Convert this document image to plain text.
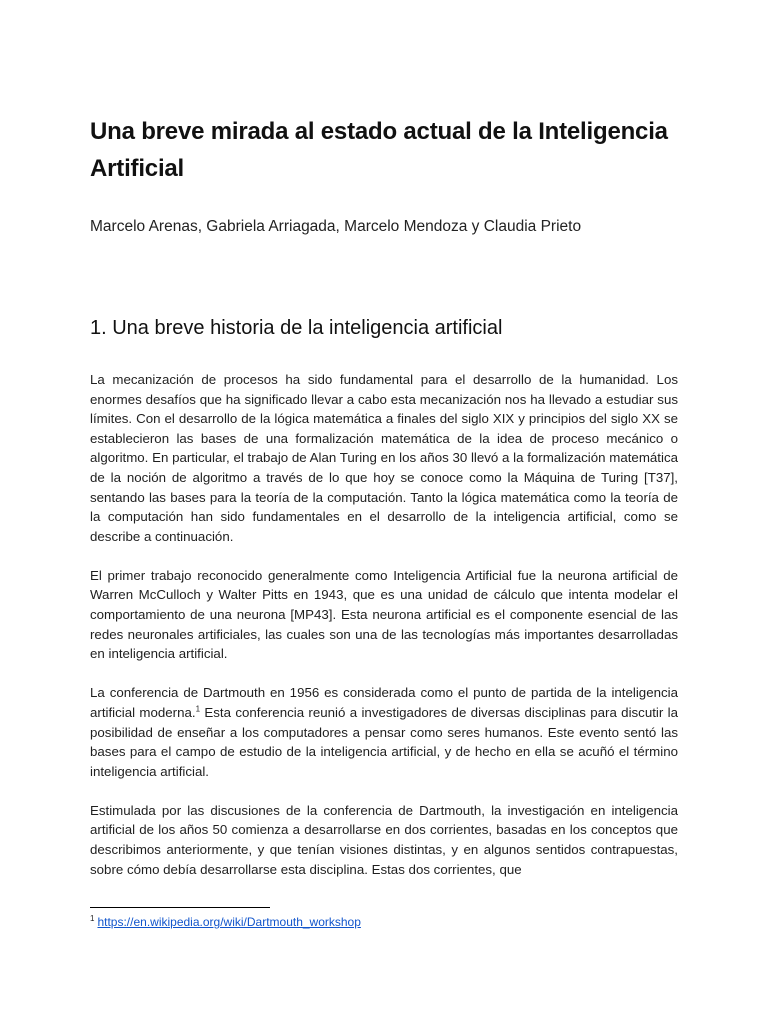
Una breve mirada al estado actual de la Inteligencia Artificial

Marcelo Arenas, Gabriela Arriagada, Marcelo Mendoza y Claudia Prieto

1. Una breve historia de la inteligencia artificial

La mecanización de procesos ha sido fundamental para el desarrollo de la humanidad. Los enormes desafíos que ha significado llevar a cabo esta mecanización nos ha llevado a estudiar sus límites. Con el desarrollo de la lógica matemática a finales del siglo XIX y principios del siglo XX se establecieron las bases de una formalización matemática de la idea de proceso mecánico o algoritmo. En particular, el trabajo de Alan Turing en los años 30 llevó a la formalización matemática de la noción de algoritmo a través de lo que hoy se conoce como la Máquina de Turing [T37], sentando las bases para la teoría de la computación. Tanto la lógica matemática como la teoría de la computación han sido fundamentales en el desarrollo de la inteligencia artificial, como se describe a continuación.

El primer trabajo reconocido generalmente como Inteligencia Artificial fue la neurona artificial de Warren McCulloch y Walter Pitts en 1943, que es una unidad de cálculo que intenta modelar el comportamiento de una neurona [MP43]. Esta neurona artificial es el componente esencial de las redes neuronales artificiales, las cuales son una de las tecnologías más importantes desarrolladas en inteligencia artificial.

La conferencia de Dartmouth en 1956 es considerada como el punto de partida de la inteligencia artificial moderna.$^1$ Esta conferencia reunió a investigadores de diversas disciplinas para discutir la posibilidad de enseñar a los computadores a pensar como seres humanos. Este evento sentó las bases para el campo de estudio de la inteligencia artificial, y de hecho en ella se acuñó el término inteligencia artificial.

Estimulada por las discusiones de la conferencia de Dartmouth, la investigación en inteligencia artificial de los años 50 comienza a desarrollarse en dos corrientes, basadas en los conceptos que describimos anteriormente, y que tenían visiones distintas, y en algunos sentidos contrapuestas, sobre cómo debía desarrollarse esta disciplina. Estas dos corrientes, que

$^1$ https://en.wikipedia.org/wiki/Dartmouth_workshop
